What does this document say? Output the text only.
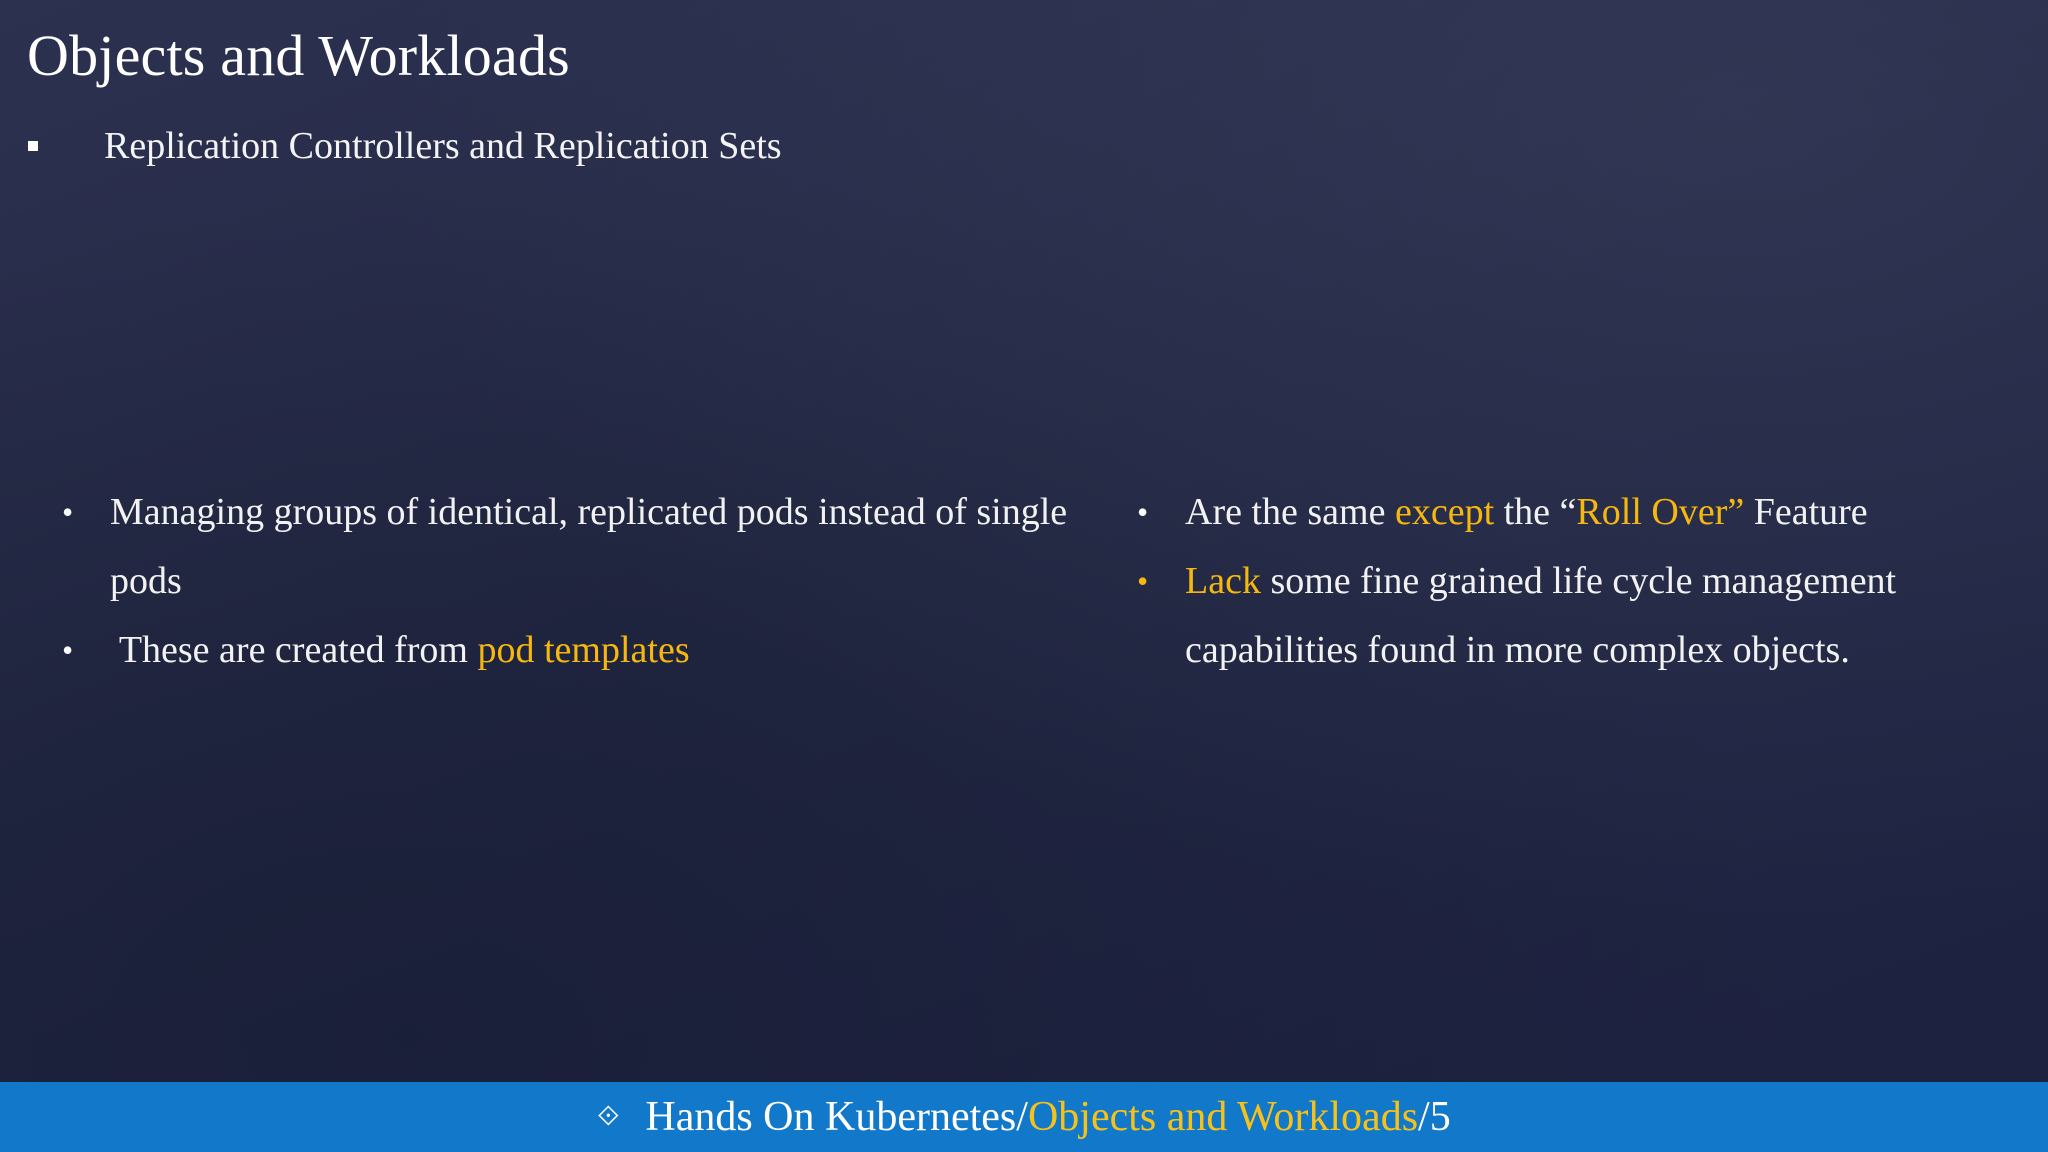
Objects and Workloads
Replication Controllers and Replication Sets
• Managing groups of identical, replicated pods instead of single pods
• These are created from pod templates
• Are the same except the “Roll Over” Feature
• Lack some fine grained life cycle management capabilities found in more complex objects.
⟐ Hands On Kubernetes/ Objects and Workloads /5
